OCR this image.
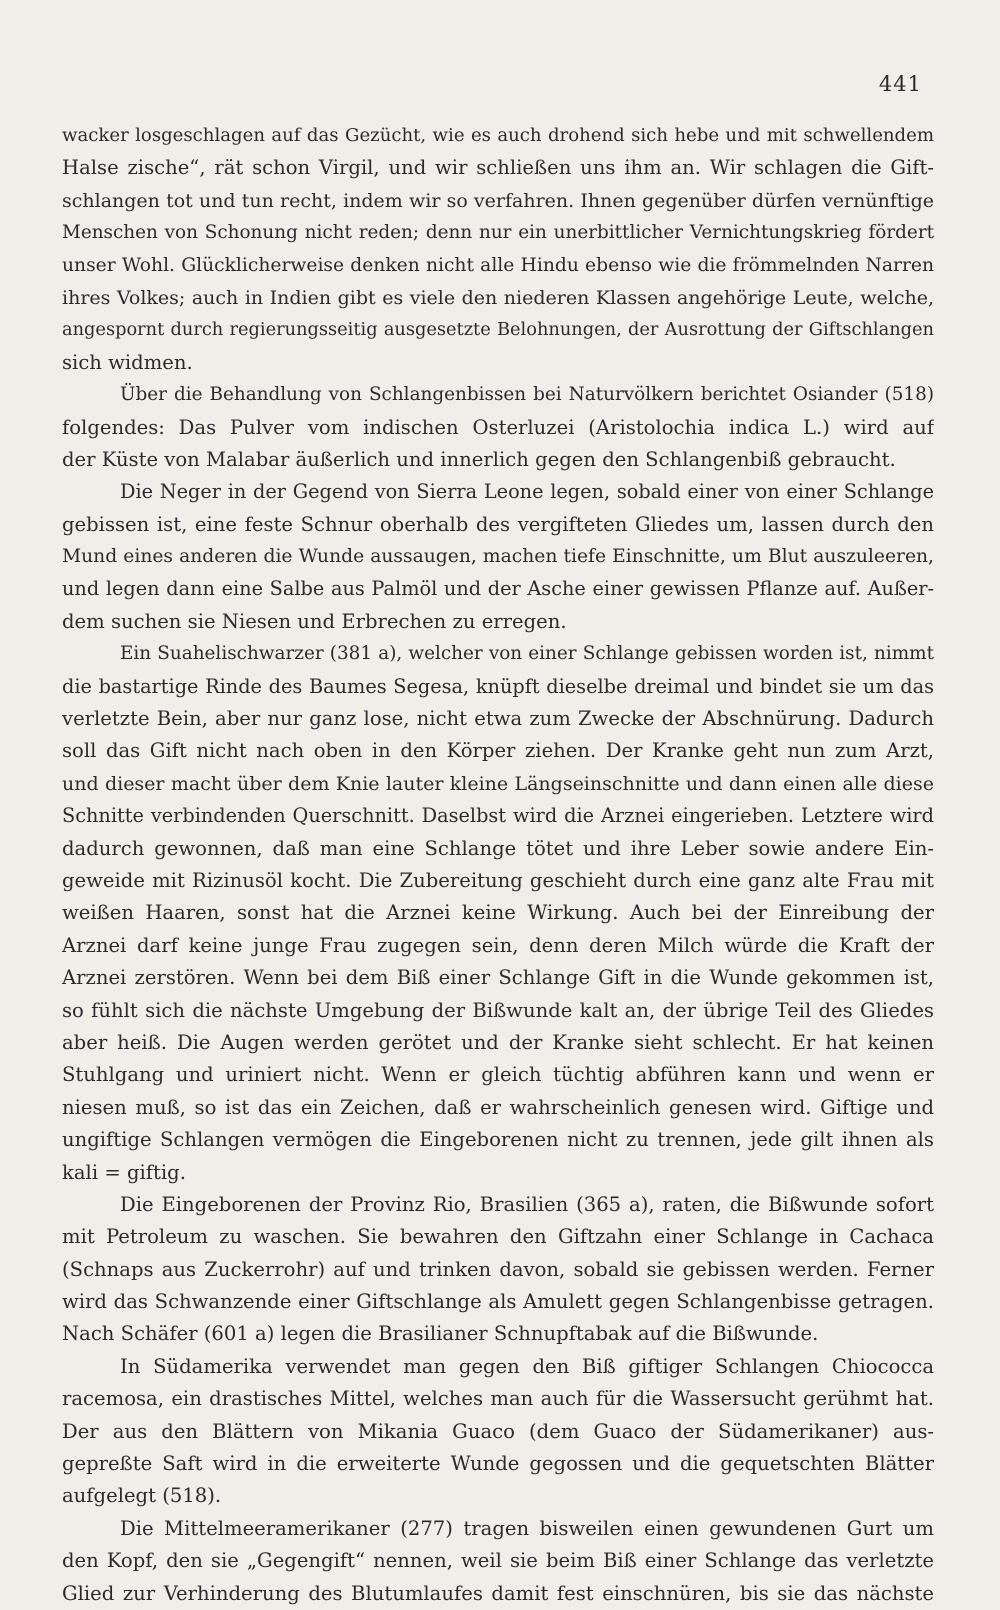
441
wacker losgeschlagen auf das Gezücht, wie es auch drohend sich hebe und mit schwellendem
Halse zische“, rät schon Virgil, und wir schließen uns ihm an. Wir schlagen die Gift-
schlangen tot und tun recht, indem wir so verfahren. Ihnen gegenüber dürfen vernünftige
Menschen von Schonung nicht reden; denn nur ein unerbittlicher Vernichtungskrieg fördert
unser Wohl. Glücklicherweise denken nicht alle Hindu ebenso wie die frömmelnden Narren
ihres Volkes; auch in Indien gibt es viele den niederen Klassen angehörige Leute, welche,
angespornt durch regierungsseitig ausgesetzte Belohnungen, der Ausrottung der Giftschlangen
sich widmen.
Über die Behandlung von Schlangenbissen bei Naturvölkern berichtet Osiander (518)
folgendes: Das Pulver vom indischen Osterluzei (Aristolochia indica L.) wird auf
der Küste von Malabar äußerlich und innerlich gegen den Schlangenbiß gebraucht.
Die Neger in der Gegend von Sierra Leone legen, sobald einer von einer Schlange
gebissen ist, eine feste Schnur oberhalb des vergifteten Gliedes um, lassen durch den
Mund eines anderen die Wunde aussaugen, machen tiefe Einschnitte, um Blut auszuleeren,
und legen dann eine Salbe aus Palmöl und der Asche einer gewissen Pflanze auf. Außer-
dem suchen sie Niesen und Erbrechen zu erregen.
Ein Suahelischwarzer (381 a), welcher von einer Schlange gebissen worden ist, nimmt
die bastartige Rinde des Baumes Segesa, knüpft dieselbe dreimal und bindet sie um das
verletzte Bein, aber nur ganz lose, nicht etwa zum Zwecke der Abschnürung. Dadurch
soll das Gift nicht nach oben in den Körper ziehen. Der Kranke geht nun zum Arzt,
und dieser macht über dem Knie lauter kleine Längseinschnitte und dann einen alle diese
Schnitte verbindenden Querschnitt. Daselbst wird die Arznei eingerieben. Letztere wird
dadurch gewonnen, daß man eine Schlange tötet und ihre Leber sowie andere Ein-
geweide mit Rizinusöl kocht. Die Zubereitung geschieht durch eine ganz alte Frau mit
weißen Haaren, sonst hat die Arznei keine Wirkung. Auch bei der Einreibung der
Arznei darf keine junge Frau zugegen sein, denn deren Milch würde die Kraft der
Arznei zerstören. Wenn bei dem Biß einer Schlange Gift in die Wunde gekommen ist,
so fühlt sich die nächste Umgebung der Bißwunde kalt an, der übrige Teil des Gliedes
aber heiß. Die Augen werden gerötet und der Kranke sieht schlecht. Er hat keinen
Stuhlgang und uriniert nicht. Wenn er gleich tüchtig abführen kann und wenn er
niesen muß, so ist das ein Zeichen, daß er wahrscheinlich genesen wird. Giftige und
ungiftige Schlangen vermögen die Eingeborenen nicht zu trennen, jede gilt ihnen als
kali = giftig.
Die Eingeborenen der Provinz Rio, Brasilien (365 a), raten, die Bißwunde sofort
mit Petroleum zu waschen. Sie bewahren den Giftzahn einer Schlange in Cachaca
(Schnaps aus Zuckerrohr) auf und trinken davon, sobald sie gebissen werden. Ferner
wird das Schwanzende einer Giftschlange als Amulett gegen Schlangenbisse getragen.
Nach Schäfer (601 a) legen die Brasilianer Schnupftabak auf die Bißwunde.
In Südamerika verwendet man gegen den Biß giftiger Schlangen Chiococca
racemosa, ein drastisches Mittel, welches man auch für die Wassersucht gerühmt hat.
Der aus den Blättern von Mikania Guaco (dem Guaco der Südamerikaner) aus-
gepreßte Saft wird in die erweiterte Wunde gegossen und die gequetschten Blätter
aufgelegt (518).
Die Mittelmeeramerikaner (277) tragen bisweilen einen gewundenen Gurt um
den Kopf, den sie „Gegengift“ nennen, weil sie beim Biß einer Schlange das verletzte
Glied zur Verhinderung des Blutumlaufes damit fest einschnüren, bis sie das nächste
